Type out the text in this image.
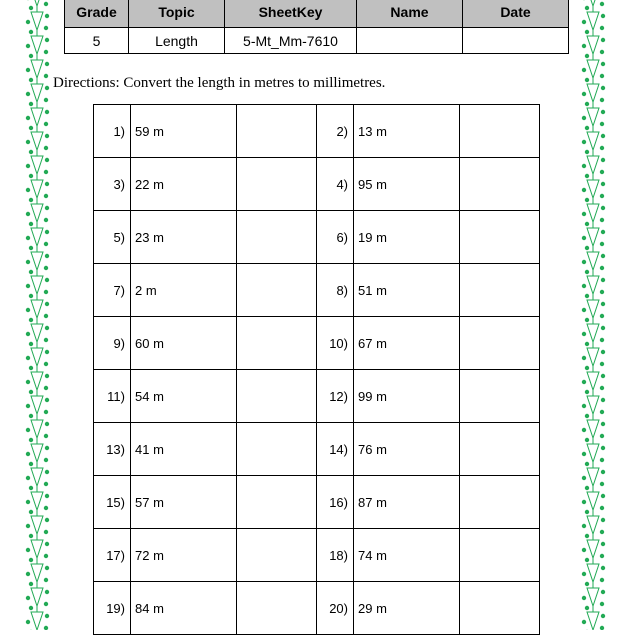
Grade	Topic	SheetKey	Name	Date
5	Length	5-Mt_Mm-7610		
Directions: Convert the length in metres to millimetres.
1)	59 m		2)	13 m	
3)	22 m		4)	95 m	
5)	23 m		6)	19 m	
7)	2 m		8)	51 m	
9)	60 m		10)	67 m	
11)	54 m		12)	99 m	
13)	41 m		14)	76 m	
15)	57 m		16)	87 m	
17)	72 m		18)	74 m	
19)	84 m		20)	29 m	
